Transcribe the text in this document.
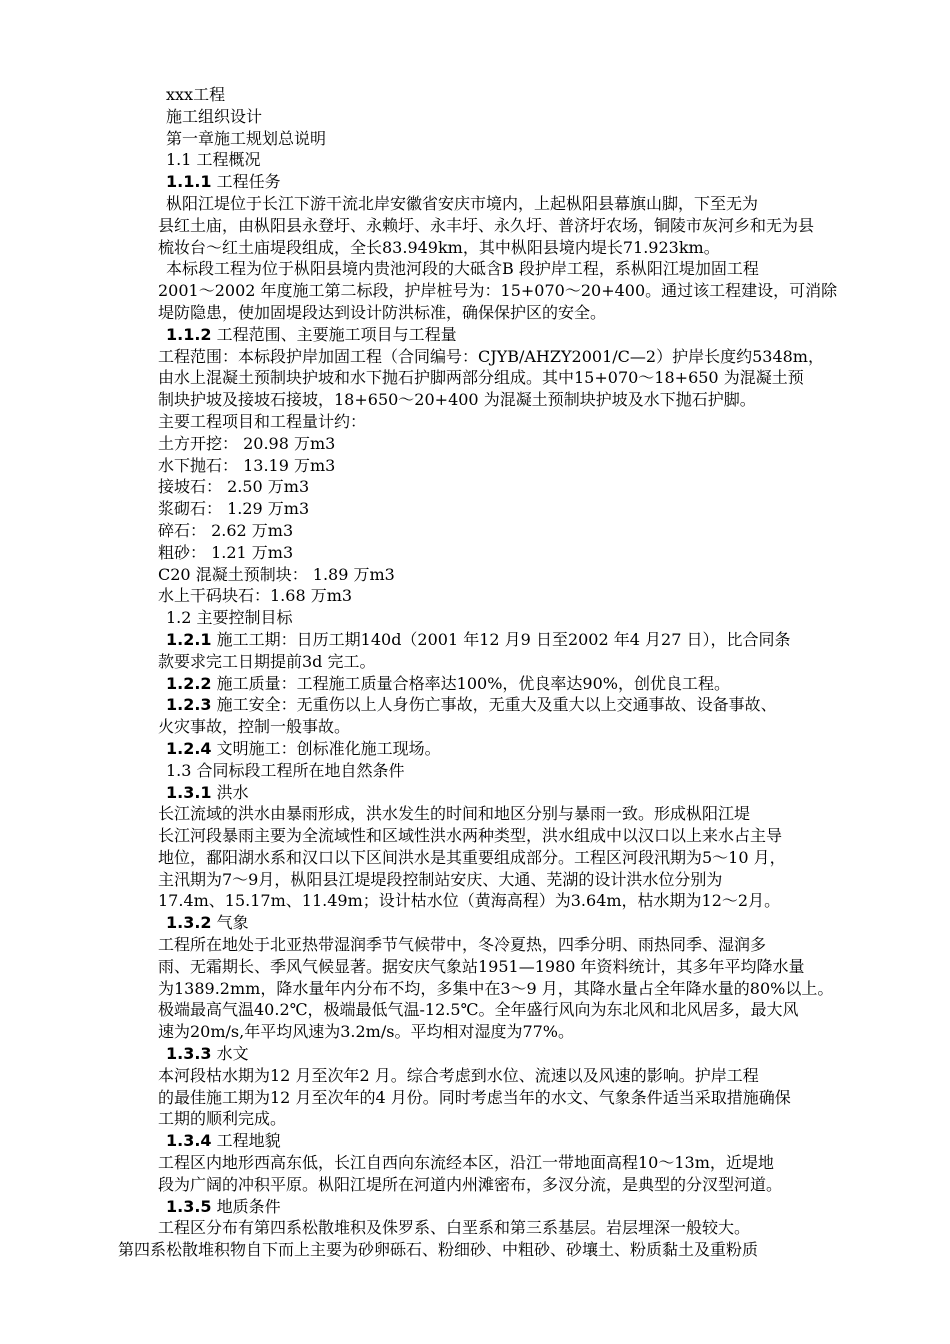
xxx工程
施工组织设计
第一章施工规划总说明
1.1 工程概况
1.1.1 工程任务
枞阳江堤位于长江下游干流北岸安徽省安庆市境内，上起枞阳县幕旗山脚，下至无为
县红土庙，由枞阳县永登圩、永赖圩、永丰圩、永久圩、普济圩农场，铜陵市灰河乡和无为县
梳妆台～红土庙堤段组成，全长83.949km，其中枞阳县境内堤长71.923km。
本标段工程为位于枞阳县境内贵池河段的大砥含B 段护岸工程，系枞阳江堤加固工程
2001～2002 年度施工第二标段，护岸桩号为：15+070～20+400。通过该工程建设，可消除
堤防隐患，使加固堤段达到设计防洪标准，确保保护区的安全。
1.1.2 工程范围、主要施工项目与工程量
工程范围：本标段护岸加固工程（合同编号：CJYB/AHZY2001/C—2）护岸长度约5348m，
由水上混凝土预制块护坡和水下抛石护脚两部分组成。其中15+070～18+650 为混凝土预
制块护坡及接坡石接坡，18+650～20+400 为混凝土预制块护坡及水下抛石护脚。
主要工程项目和工程量计约：
土方开挖： 20.98 万m3
水下抛石： 13.19 万m3
接坡石： 2.50 万m3
浆砌石： 1.29 万m3
碎石： 2.62 万m3
粗砂： 1.21 万m3
C20 混凝土预制块： 1.89 万m3
水上干码块石：1.68 万m3
1.2 主要控制目标
1.2.1 施工工期：日历工期140d（2001 年12 月9 日至2002 年4 月27 日），比合同条
款要求完工日期提前3d 完工。
1.2.2 施工质量：工程施工质量合格率达100%，优良率达90%，创优良工程。
1.2.3 施工安全：无重伤以上人身伤亡事故，无重大及重大以上交通事故、设备事故、
火灾事故，控制一般事故。
1.2.4 文明施工：创标准化施工现场。
1.3 合同标段工程所在地自然条件
1.3.1 洪水
长江流域的洪水由暴雨形成，洪水发生的时间和地区分别与暴雨一致。形成枞阳江堤
长江河段暴雨主要为全流域性和区域性洪水两种类型，洪水组成中以汉口以上来水占主导
地位，鄱阳湖水系和汉口以下区间洪水是其重要组成部分。工程区河段汛期为5～10 月，
主汛期为7～9月，枞阳县江堤堤段控制站安庆、大通、芜湖的设计洪水位分别为
17.4m、15.17m、11.49m；设计枯水位（黄海高程）为3.64m，枯水期为12～2月。
1.3.2 气象
工程所在地处于北亚热带湿润季节气候带中，冬冷夏热，四季分明、雨热同季、湿润多
雨、无霜期长、季风气候显著。据安庆气象站1951—1980 年资料统计，其多年平均降水量
为1389.2mm，降水量年内分布不均，多集中在3～9 月，其降水量占全年降水量的80%以上。
极端最高气温40.2℃，极端最低气温-12.5℃。全年盛行风向为东北风和北风居多，最大风
速为20m/s,年平均风速为3.2m/s。平均相对湿度为77%。
1.3.3 水文
本河段枯水期为12 月至次年2 月。综合考虑到水位、流速以及风速的影响。护岸工程
的最佳施工期为12 月至次年的4 月份。同时考虑当年的水文、气象条件适当采取措施确保
工期的顺利完成。
1.3.4 工程地貌
工程区内地形西高东低，长江自西向东流经本区，沿江一带地面高程10～13m，近堤地
段为广阔的冲积平原。枞阳江堤所在河道内州滩密布，多汊分流，是典型的分汊型河道。
1.3.5 地质条件
工程区分布有第四系松散堆积及侏罗系、白垩系和第三系基层。岩层埋深一般较大。
第四系松散堆积物自下而上主要为砂卵砾石、粉细砂、中粗砂、砂壤土、粉质黏土及重粉质
